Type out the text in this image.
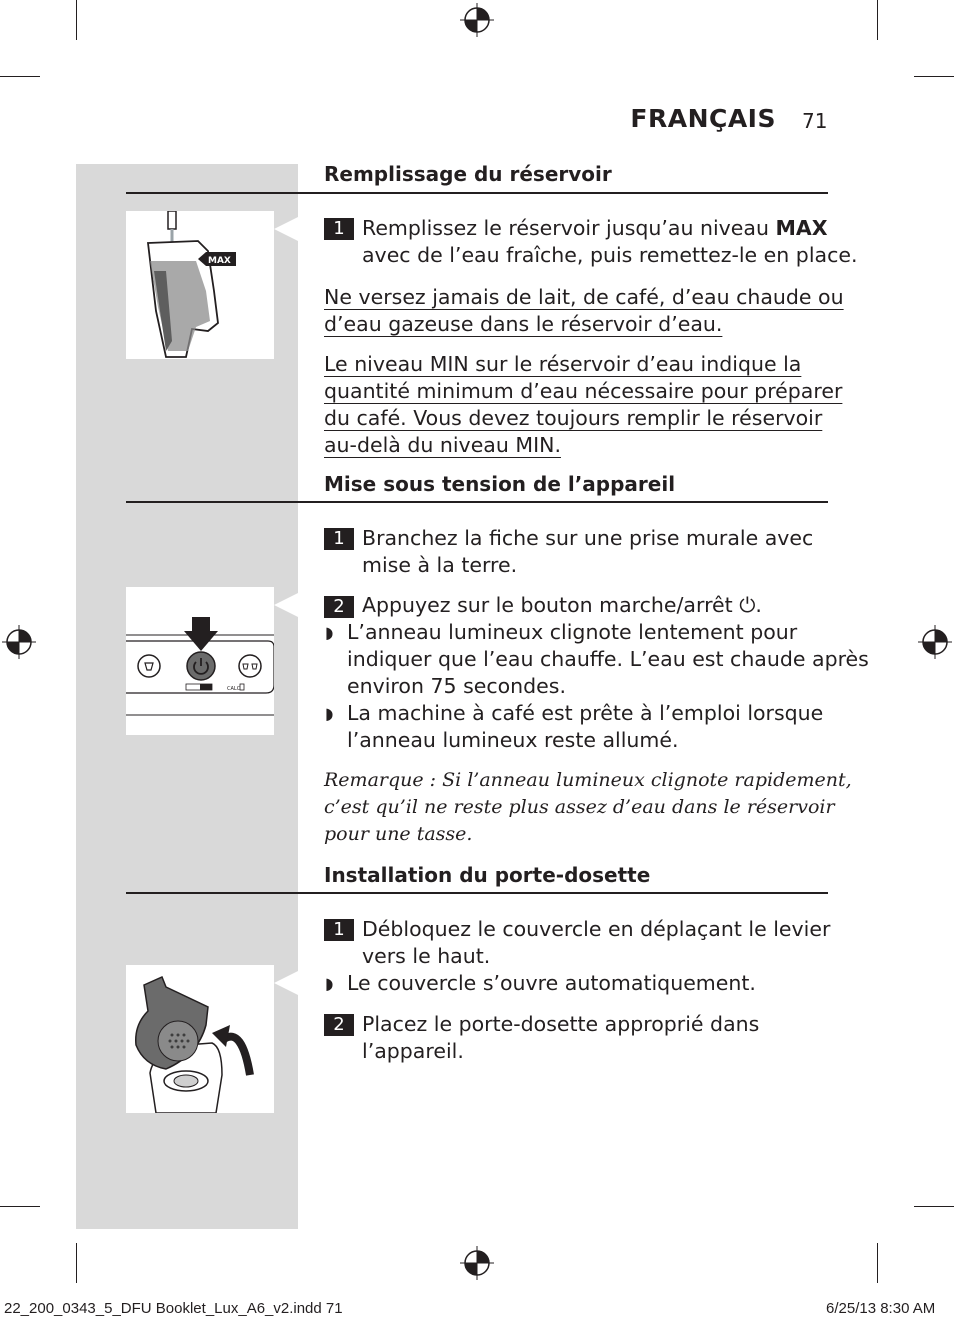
FRANÇAIS 71
Remplissage du réservoir
MAX
1 Remplissez le réservoir jusqu’au niveau MAX
avec de l’eau fraîche, puis remettez-le en place.
Ne versez jamais de lait, de café, d’eau chaude ou
d’eau gazeuse dans le réservoir d’eau.
Le niveau MIN sur le réservoir d’eau indique la
quantité minimum d’eau nécessaire pour préparer
du café. Vous devez toujours remplir le réservoir
au-delà du niveau MIN.
Mise sous tension de l’appareil
CALC
1 Branchez la fiche sur une prise murale avec
mise à la terre.
2 Appuyez sur le bouton marche/arrêt ⏻.
◗ L’anneau lumineux clignote lentement pour
indiquer que l’eau chauffe. L’eau est chaude après
environ 75 secondes.
◗ La machine à café est prête à l’emploi lorsque
l’anneau lumineux reste allumé.
Remarque : Si l’anneau lumineux clignote rapidement,
c’est qu’il ne reste plus assez d’eau dans le réservoir
pour une tasse.
Installation du porte-dosette
1 Débloquez le couvercle en déplaçant le levier
vers le haut.
◗ Le couvercle s’ouvre automatiquement.
2 Placez le porte-dosette approprié dans
l’appareil.
22_200_0343_5_DFU Booklet_Lux_A6_v2.indd 71	6/25/13 8:30 AM
